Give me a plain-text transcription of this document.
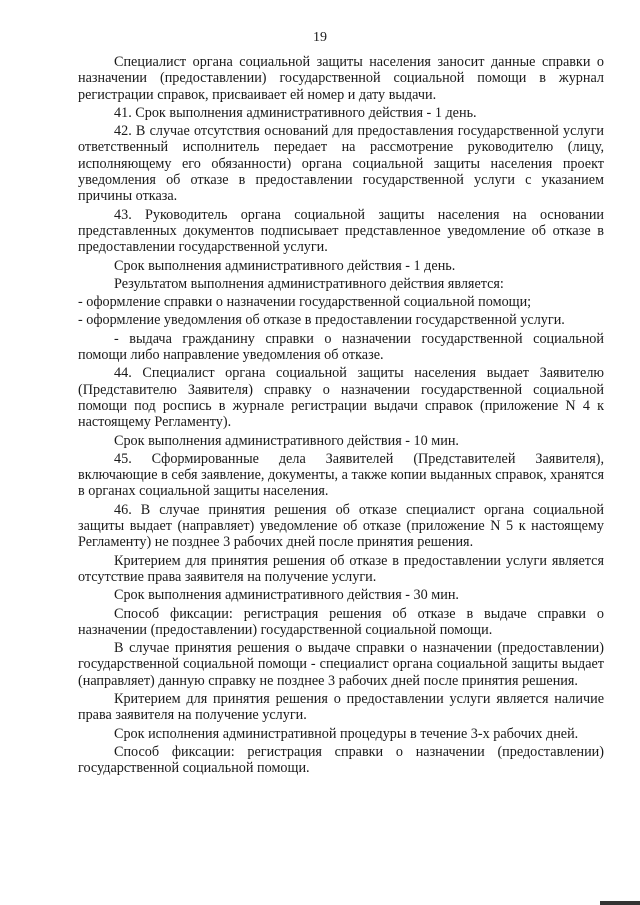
19

Специалист органа социальной защиты населения заносит данные справки о назначении (предоставлении) государственной социальной помощи в журнал регистрации справок, присваивает ей номер и дату выдачи.

41. Срок выполнения административного действия - 1 день.

42. В случае отсутствия оснований для предоставления государственной услуги ответственный исполнитель передает на рассмотрение руководителю (лицу, исполняющему его обязанности) органа социальной защиты населения проект уведомления об отказе в предоставлении государственной услуги с указанием причины отказа.

43. Руководитель органа социальной защиты населения на основании представленных документов подписывает представленное уведомление об отказе в предоставлении государственной услуги.

Срок выполнения административного действия - 1 день.

Результатом выполнения административного действия является:

- оформление справки о назначении государственной социальной помощи;

- оформление уведомления об отказе в предоставлении государственной услуги.

- выдача гражданину справки о назначении государственной социальной помощи либо направление уведомления об отказе.

44. Специалист органа социальной защиты населения выдает Заявителю (Представителю Заявителя) справку о назначении государственной социальной помощи под роспись в журнале регистрации выдачи справок (приложение N 4 к настоящему Регламенту).

Срок выполнения административного действия - 10 мин.

45. Сформированные дела Заявителей (Представителей Заявителя), включающие в себя заявление, документы, а также копии выданных справок, хранятся в органах социальной защиты населения.

46. В случае принятия решения об отказе специалист органа социальной защиты выдает (направляет) уведомление об отказе (приложение N 5 к настоящему Регламенту) не позднее 3 рабочих дней после принятия решения.

Критерием для принятия решения об отказе в предоставлении услуги является отсутствие права заявителя на получение услуги.

Срок выполнения административного действия - 30 мин.

Способ фиксации: регистрация решения об отказе в выдаче справки о назначении (предоставлении) государственной социальной помощи.

В случае принятия решения о выдаче справки о назначении (предоставлении) государственной социальной помощи - специалист органа социальной защиты выдает (направляет) данную справку не позднее 3 рабочих дней после принятия решения.

Критерием для принятия решения о предоставлении услуги является наличие права заявителя на получение услуги.

Срок исполнения административной процедуры в течение 3-х рабочих дней.

Способ фиксации: регистрация справки о назначении (предоставлении) государственной социальной помощи.
